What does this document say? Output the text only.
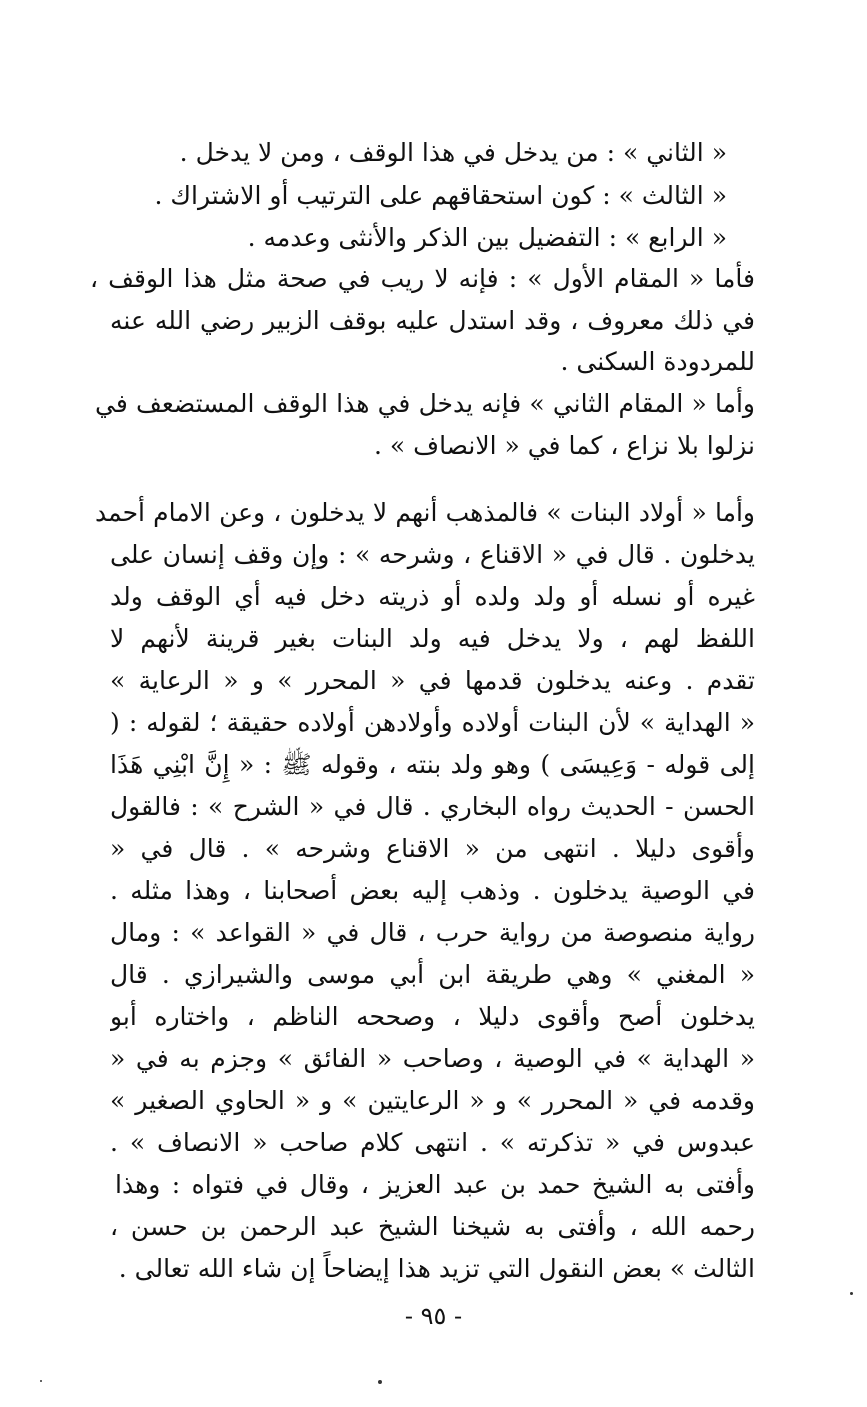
« الثاني » : من يدخل في هذا الوقف ، ومن لا يدخل .
« الثالث » : كون استحقاقهم على الترتيب أو الاشتراك .
« الرابع » : التفضيل بين الذكر والأنثى وعدمه .
فأما « المقام الأول » : فإنه لا ريب في صحة مثل هذا الوقف ،
في ذلك معروف ، وقد استدل عليه بوقف الزبير رضي الله عنه
للمردودة السكنى .
وأما « المقام الثاني » فإنه يدخل في هذا الوقف المستضعف في
نزلوا بلا نزاع ، كما في « الانصاف » .
وأما « أولاد البنات » فالمذهب أنهم لا يدخلون ، وعن الامام أحمد
يدخلون . قال في « الاقناع ، وشرحه » : وإن وقف إنسان على
غيره أو نسله أو ولد ولده أو ذريته دخل فيه أي الوقف ولد
اللفظ لهم ، ولا يدخل فيه ولد البنات بغير قرينة لأنهم لا
تقدم . وعنه يدخلون قدمها في « المحرر » و « الرعاية »
« الهداية » لأن البنات أولاده وأولادهن أولاده حقيقة ؛ لقوله : (
إلى قوله - وَعِيسَى ) وهو ولد بنته ، وقوله ﷺ : « إِنَّ ابْنِي هَذَا
الحسن - الحديث رواه البخاري . قال في « الشرح » : فالقول
وأقوى دليلا . انتهى من « الاقناع وشرحه » . قال في «
في الوصية يدخلون . وذهب إليه بعض أصحابنا ، وهذا مثله .
رواية منصوصة من رواية حرب ، قال في « القواعد » : ومال
« المغني » وهي طريقة ابن أبي موسى والشيرازي . قال
يدخلون أصح وأقوى دليلا ، وصححه الناظم ، واختاره أبو
« الهداية » في الوصية ، وصاحب « الفائق » وجزم به في «
وقدمه في « المحرر » و « الرعايتين » و « الحاوي الصغير »
عبدوس في « تذكرته » . انتهى كلام صاحب « الانصاف » .
وأفتى به الشيخ حمد بن عبد العزيز ، وقال في فتواه : وهذا
رحمه الله ، وأفتى به شيخنا الشيخ عبد الرحمن بن حسن ،
الثالث » بعض النقول التي تزيد هذا إيضاحاً إن شاء الله تعالى .
- ٩٥ -
